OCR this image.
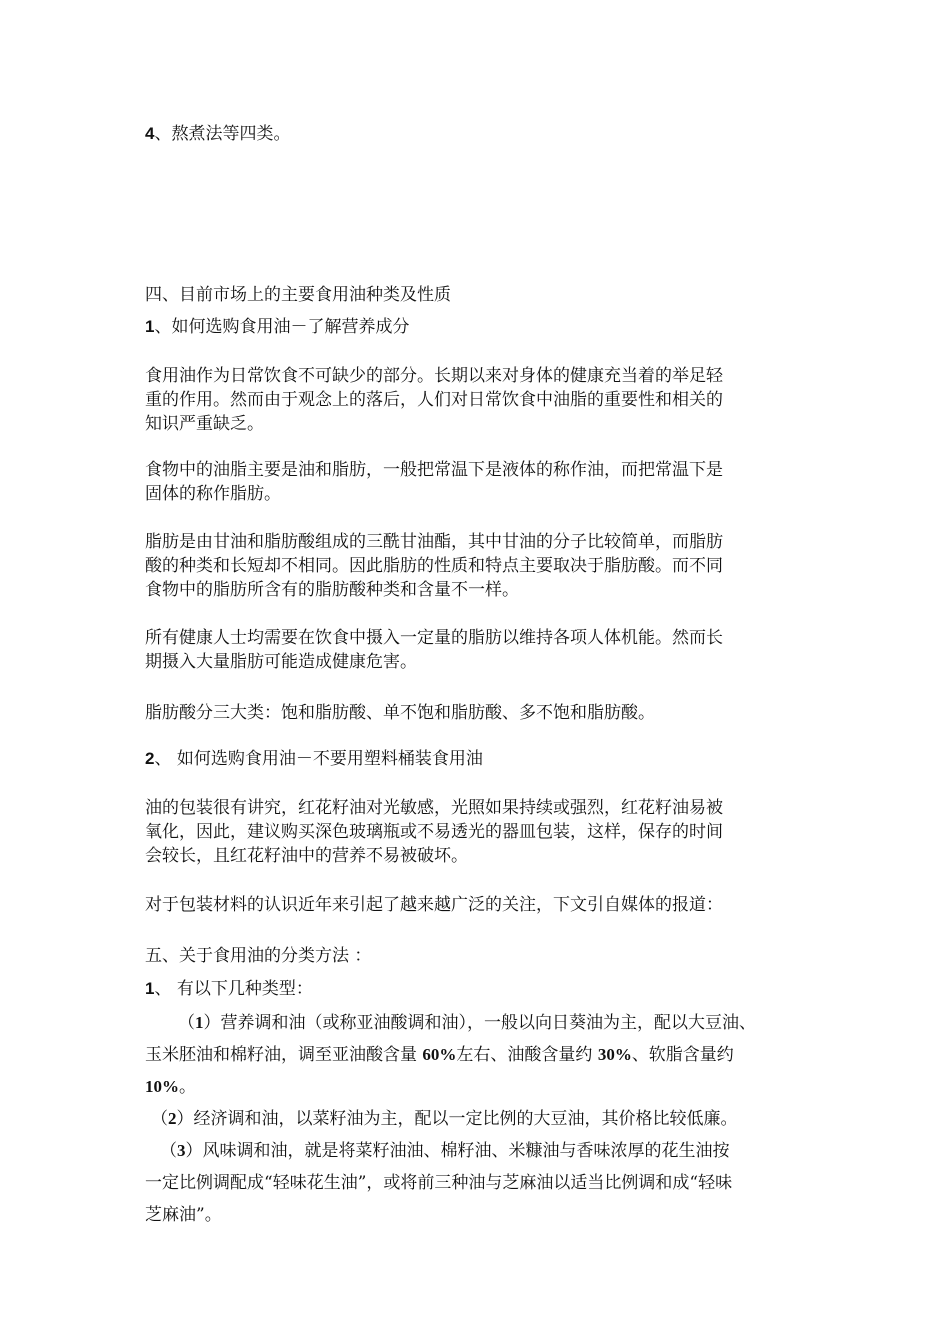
4、熬煮法等四类。

四、目前市场上的主要食用油种类及性质

1、如何选购食用油－了解营养成分

食用油作为日常饮食不可缺少的部分。长期以来对身体的健康充当着的举足轻

重的作用。然而由于观念上的落后，人们对日常饮食中油脂的重要性和相关的

知识严重缺乏。

食物中的油脂主要是油和脂肪，一般把常温下是液体的称作油，而把常温下是

固体的称作脂肪。

脂肪是由甘油和脂肪酸组成的三酰甘油酯，其中甘油的分子比较简单，而脂肪

酸的种类和长短却不相同。因此脂肪的性质和特点主要取决于脂肪酸。而不同

食物中的脂肪所含有的脂肪酸种类和含量不一样。

所有健康人士均需要在饮食中摄入一定量的脂肪以维持各项人体机能。然而长

期摄入大量脂肪可能造成健康危害。

脂肪酸分三大类：饱和脂肪酸、单不饱和脂肪酸、多不饱和脂肪酸。

2、 如何选购食用油－不要用塑料桶装食用油

油的包装很有讲究，红花籽油对光敏感，光照如果持续或强烈，红花籽油易被

氧化，因此，建议购买深色玻璃瓶或不易透光的器皿包装，这样，保存的时间

会较长，且红花籽油中的营养不易被破坏。

对于包装材料的认识近年来引起了越来越广泛的关注，下文引自媒体的报道：

五、关于食用油的分类方法 ：

1、 有以下几种类型：

（1）营养调和油（或称亚油酸调和油），一般以向日葵油为主，配以大豆油、

玉米胚油和棉籽油，调至亚油酸含量 60%左右、油酸含量约 30%、软脂含量约

10%。

（2）经济调和油，以菜籽油为主，配以一定比例的大豆油，其价格比较低廉。

（3）风味调和油，就是将菜籽油油、棉籽油、米糠油与香味浓厚的花生油按

一定比例调配成“轻味花生油”，或将前三种油与芝麻油以适当比例调和成“轻味

芝麻油”。
